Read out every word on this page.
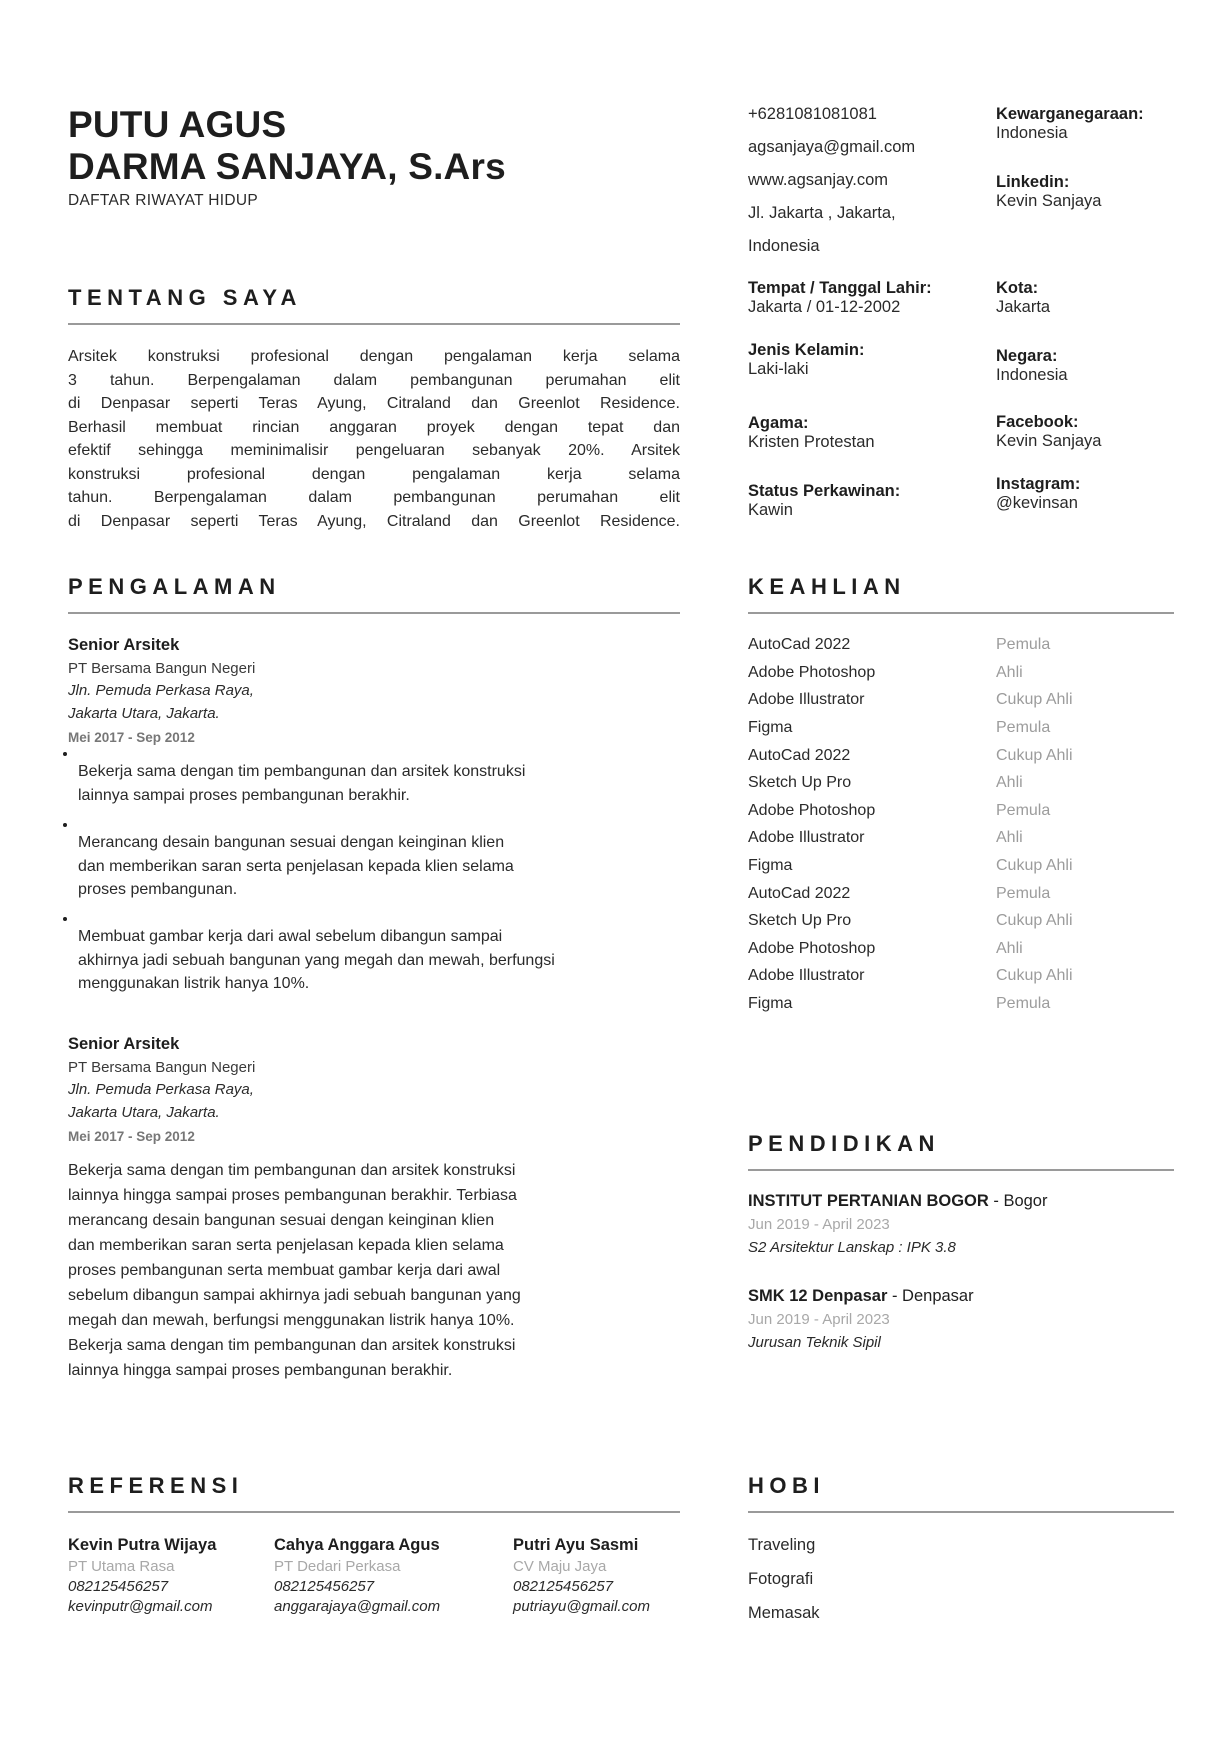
PUTU AGUS
DARMA SANJAYA, S.Ars
DAFTAR RIWAYAT HIDUP
+6281081081081
agsanjaya@gmail.com
www.agsanjay.com
Jl. Jakarta , Jakarta,
Indonesia
Kewarganegaraan:
Indonesia
Linkedin:
Kevin Sanjaya
Tempat / Tanggal Lahir:
Jakarta / 01-12-2002
Kota:
Jakarta
Jenis Kelamin:
Laki-laki
Negara:
Indonesia
Agama:
Kristen Protestan
Facebook:
Kevin Sanjaya
Status Perkawinan:
Kawin
Instagram:
@kevinsan
TENTANG SAYA
Arsitek konstruksi profesional dengan pengalaman kerja selama
3 tahun. Berpengalaman dalam pembangunan perumahan elit
di Denpasar seperti Teras Ayung, Citraland dan Greenlot Residence.
Berhasil membuat rincian anggaran proyek dengan tepat dan
efektif sehingga meminimalisir pengeluaran sebanyak 20%. Arsitek
konstruksi profesional dengan pengalaman kerja selama
tahun. Berpengalaman dalam pembangunan perumahan elit
di Denpasar seperti Teras Ayung, Citraland dan Greenlot Residence.
PENGALAMAN
Senior Arsitek
PT Bersama Bangun Negeri
Jln. Pemuda Perkasa Raya,
Jakarta Utara, Jakarta.
Mei 2017 - Sep 2012
Bekerja sama dengan tim pembangunan dan arsitek konstruksi
lainnya sampai proses pembangunan berakhir.
Merancang desain bangunan sesuai dengan keinginan klien
dan memberikan saran serta penjelasan kepada klien selama
proses pembangunan.
Membuat gambar kerja dari awal sebelum dibangun sampai
akhirnya jadi sebuah bangunan yang megah dan mewah, berfungsi
menggunakan listrik hanya 10%.
Senior Arsitek
PT Bersama Bangun Negeri
Jln. Pemuda Perkasa Raya,
Jakarta Utara, Jakarta.
Mei 2017 - Sep 2012
Bekerja sama dengan tim pembangunan dan arsitek konstruksi
lainnya hingga sampai proses pembangunan berakhir. Terbiasa
merancang desain bangunan sesuai dengan keinginan klien
dan memberikan saran serta penjelasan kepada klien selama
proses pembangunan serta membuat gambar kerja dari awal
sebelum dibangun sampai akhirnya jadi sebuah bangunan yang
megah dan mewah, berfungsi menggunakan listrik hanya 10%.
Bekerja sama dengan tim pembangunan dan arsitek konstruksi
lainnya hingga sampai proses pembangunan berakhir.
KEAHLIAN
AutoCad 2022	Pemula
Adobe Photoshop	Ahli
Adobe Illustrator	Cukup Ahli
Figma	Pemula
AutoCad 2022	Cukup Ahli
Sketch Up Pro	Ahli
Adobe Photoshop	Pemula
Adobe Illustrator	Ahli
Figma	Cukup Ahli
AutoCad 2022	Pemula
Sketch Up Pro	Cukup Ahli
Adobe Photoshop	Ahli
Adobe Illustrator	Cukup Ahli
Figma	Pemula
PENDIDIKAN
INSTITUT PERTANIAN BOGOR - Bogor
Jun 2019 - April 2023
S2 Arsitektur Lanskap : IPK 3.8
SMK 12 Denpasar - Denpasar
Jun 2019 - April 2023
Jurusan Teknik Sipil
REFERENSI
Kevin Putra Wijaya
PT Utama Rasa
082125456257
kevinputr@gmail.com
Cahya Anggara Agus
PT Dedari Perkasa
082125456257
anggarajaya@gmail.com
Putri Ayu Sasmi
CV Maju Jaya
082125456257
putriayu@gmail.com
HOBI
Traveling
Fotografi
Memasak
